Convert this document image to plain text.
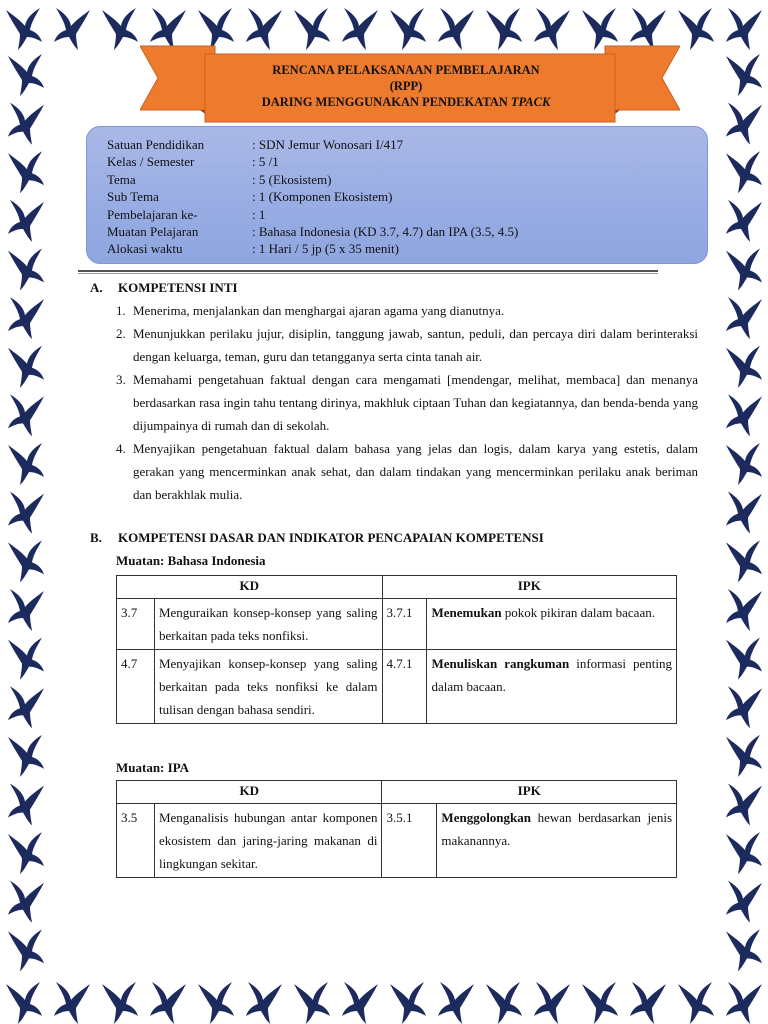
RENCANA PELAKSANAAN PEMBELAJARAN
(RPP)
DARING MENGGUNAKAN PENDEKATAN TPACK
Satuan Pendidikan	: SDN Jemur Wonosari I/417
Kelas / Semester	: 5 /1
Tema	: 5 (Ekosistem)
Sub Tema	: 1 (Komponen Ekosistem)
Pembelajaran ke-	: 1
Muatan Pelajaran	: Bahasa Indonesia (KD 3.7, 4.7) dan IPA (3.5, 4.5)
Alokasi waktu	: 1 Hari / 5 jp (5 x 35 menit)
A. KOMPETENSI INTI
1. Menerima, menjalankan dan menghargai ajaran agama yang dianutnya.
2. Menunjukkan perilaku jujur, disiplin, tanggung jawab, santun, peduli, dan percaya diri dalam berinteraksi dengan keluarga, teman, guru dan tetangganya serta cinta tanah air.
3. Memahami pengetahuan faktual dengan cara mengamati [mendengar, melihat, membaca] dan menanya berdasarkan rasa ingin tahu tentang dirinya, makhluk ciptaan Tuhan dan kegiatannya, dan benda-benda yang dijumpainya di rumah dan di sekolah.
4. Menyajikan pengetahuan faktual dalam bahasa yang jelas dan logis, dalam karya yang estetis, dalam gerakan yang mencerminkan anak sehat, dan dalam tindakan yang mencerminkan perilaku anak beriman dan berakhlak mulia.
B. KOMPETENSI DASAR DAN INDIKATOR PENCAPAIAN KOMPETENSI
Muatan: Bahasa Indonesia
KD		IPK	
3.7	Menguraikan konsep-konsep yang saling berkaitan pada teks nonfiksi.	3.7.1	Menemukan pokok pikiran dalam bacaan.
4.7	Menyajikan konsep-konsep yang saling berkaitan pada teks nonfiksi ke dalam tulisan dengan bahasa sendiri.	4.7.1	Menuliskan rangkuman informasi penting dalam bacaan.
Muatan: IPA
KD		IPK	
3.5	Menganalisis hubungan antar komponen ekosistem dan jaring-jaring makanan di lingkungan sekitar.	3.5.1	Menggolongkan hewan berdasarkan jenis makanannya.
